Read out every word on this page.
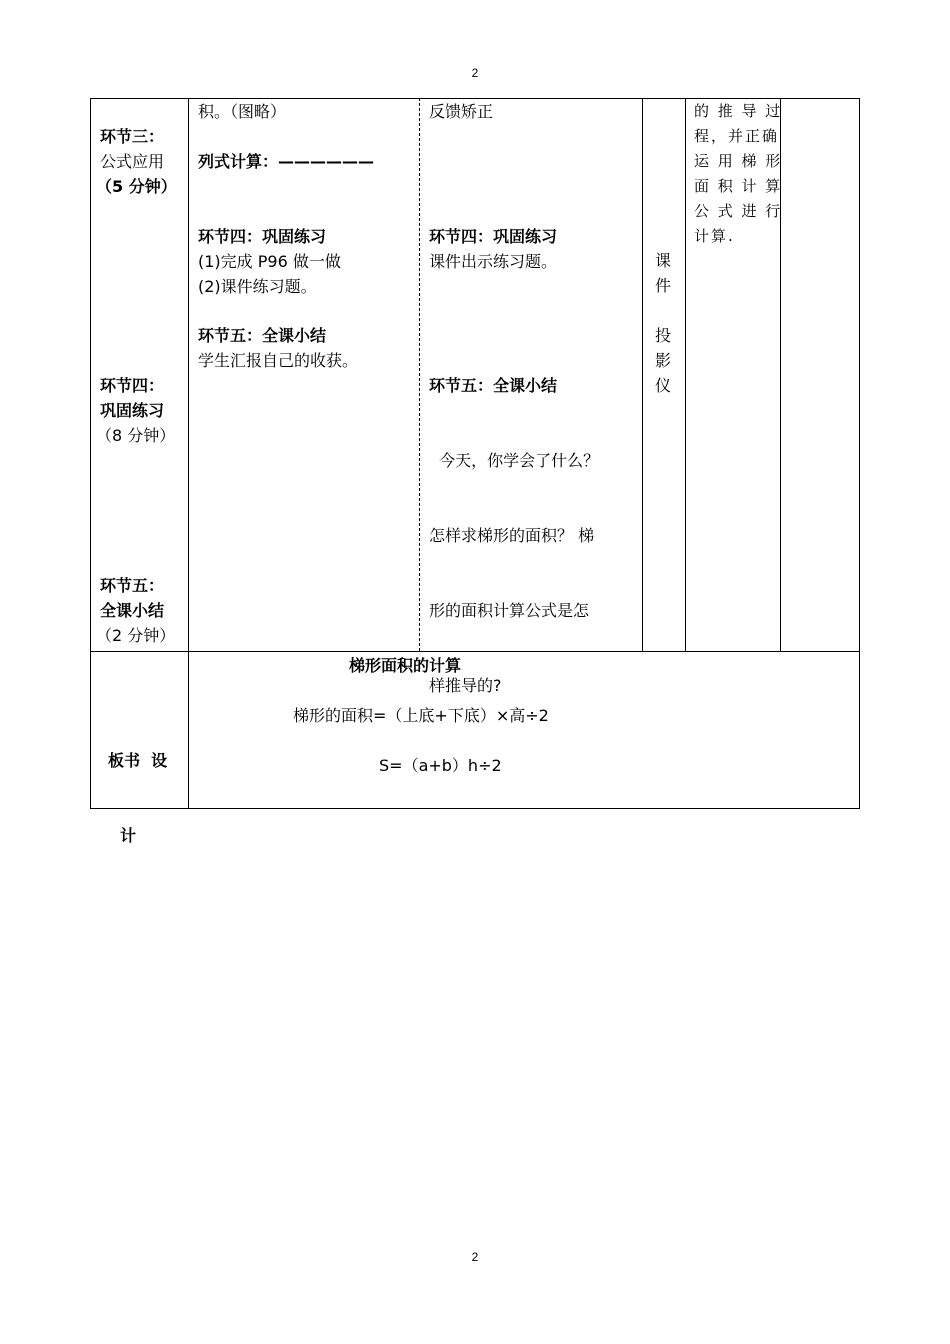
2
2
环节三：
公式应用
（5 分钟）
环节四：
巩固练习
（8 分钟）
环节五：
全课小结
（2 分钟）
积。（图略）
列式计算：——————
环节四：巩固练习
(1)完成 P96 做一做
(2)课件练习题。
环节五：全课小结
学生汇报自己的收获。
反馈矫正
环节四：巩固练习
课件出示练习题。

环节五：全课小结

今天，你学会了什么？

怎样求梯形的面积？ 梯

形的面积计算公式是怎

样推导的?

课
件
投
影
仪
的 推 导 过
程，并正确
运 用 梯 形
面 积 计 算
公 式 进 行
计算.

板书  设

计

梯形面积的计算
梯形的面积=（上底+下底）×高÷2
S=（a+b）h÷2
